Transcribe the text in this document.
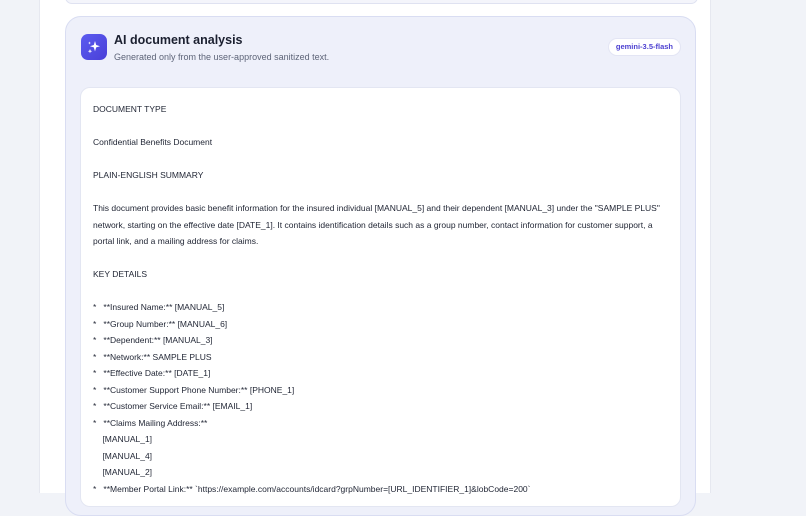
AI document analysis
Generated only from the user-approved sanitized text.
gemini-3.5-flash
DOCUMENT TYPE
Confidential Benefits Document
PLAIN-ENGLISH SUMMARY
This document provides basic benefit information for the insured individual [MANUAL_5] and their dependent [MANUAL_3] under the "SAMPLE PLUS" network, starting on the effective date [DATE_1]. It contains identification details such as a group number, contact information for customer support, a portal link, and a mailing address for claims.
KEY DETAILS
*   **Insured Name:** [MANUAL_5]
*   **Group Number:** [MANUAL_6]
*   **Dependent:** [MANUAL_3]
*   **Network:** SAMPLE PLUS
*   **Effective Date:** [DATE_1]
*   **Customer Support Phone Number:** [PHONE_1]
*   **Customer Service Email:** [EMAIL_1]
*   **Claims Mailing Address:**
[MANUAL_1]
[MANUAL_4]
[MANUAL_2]
*   **Member Portal Link:** `https://example.com/accounts/idcard?grpNumber=[URL_IDENTIFIER_1]&lobCode=200`
